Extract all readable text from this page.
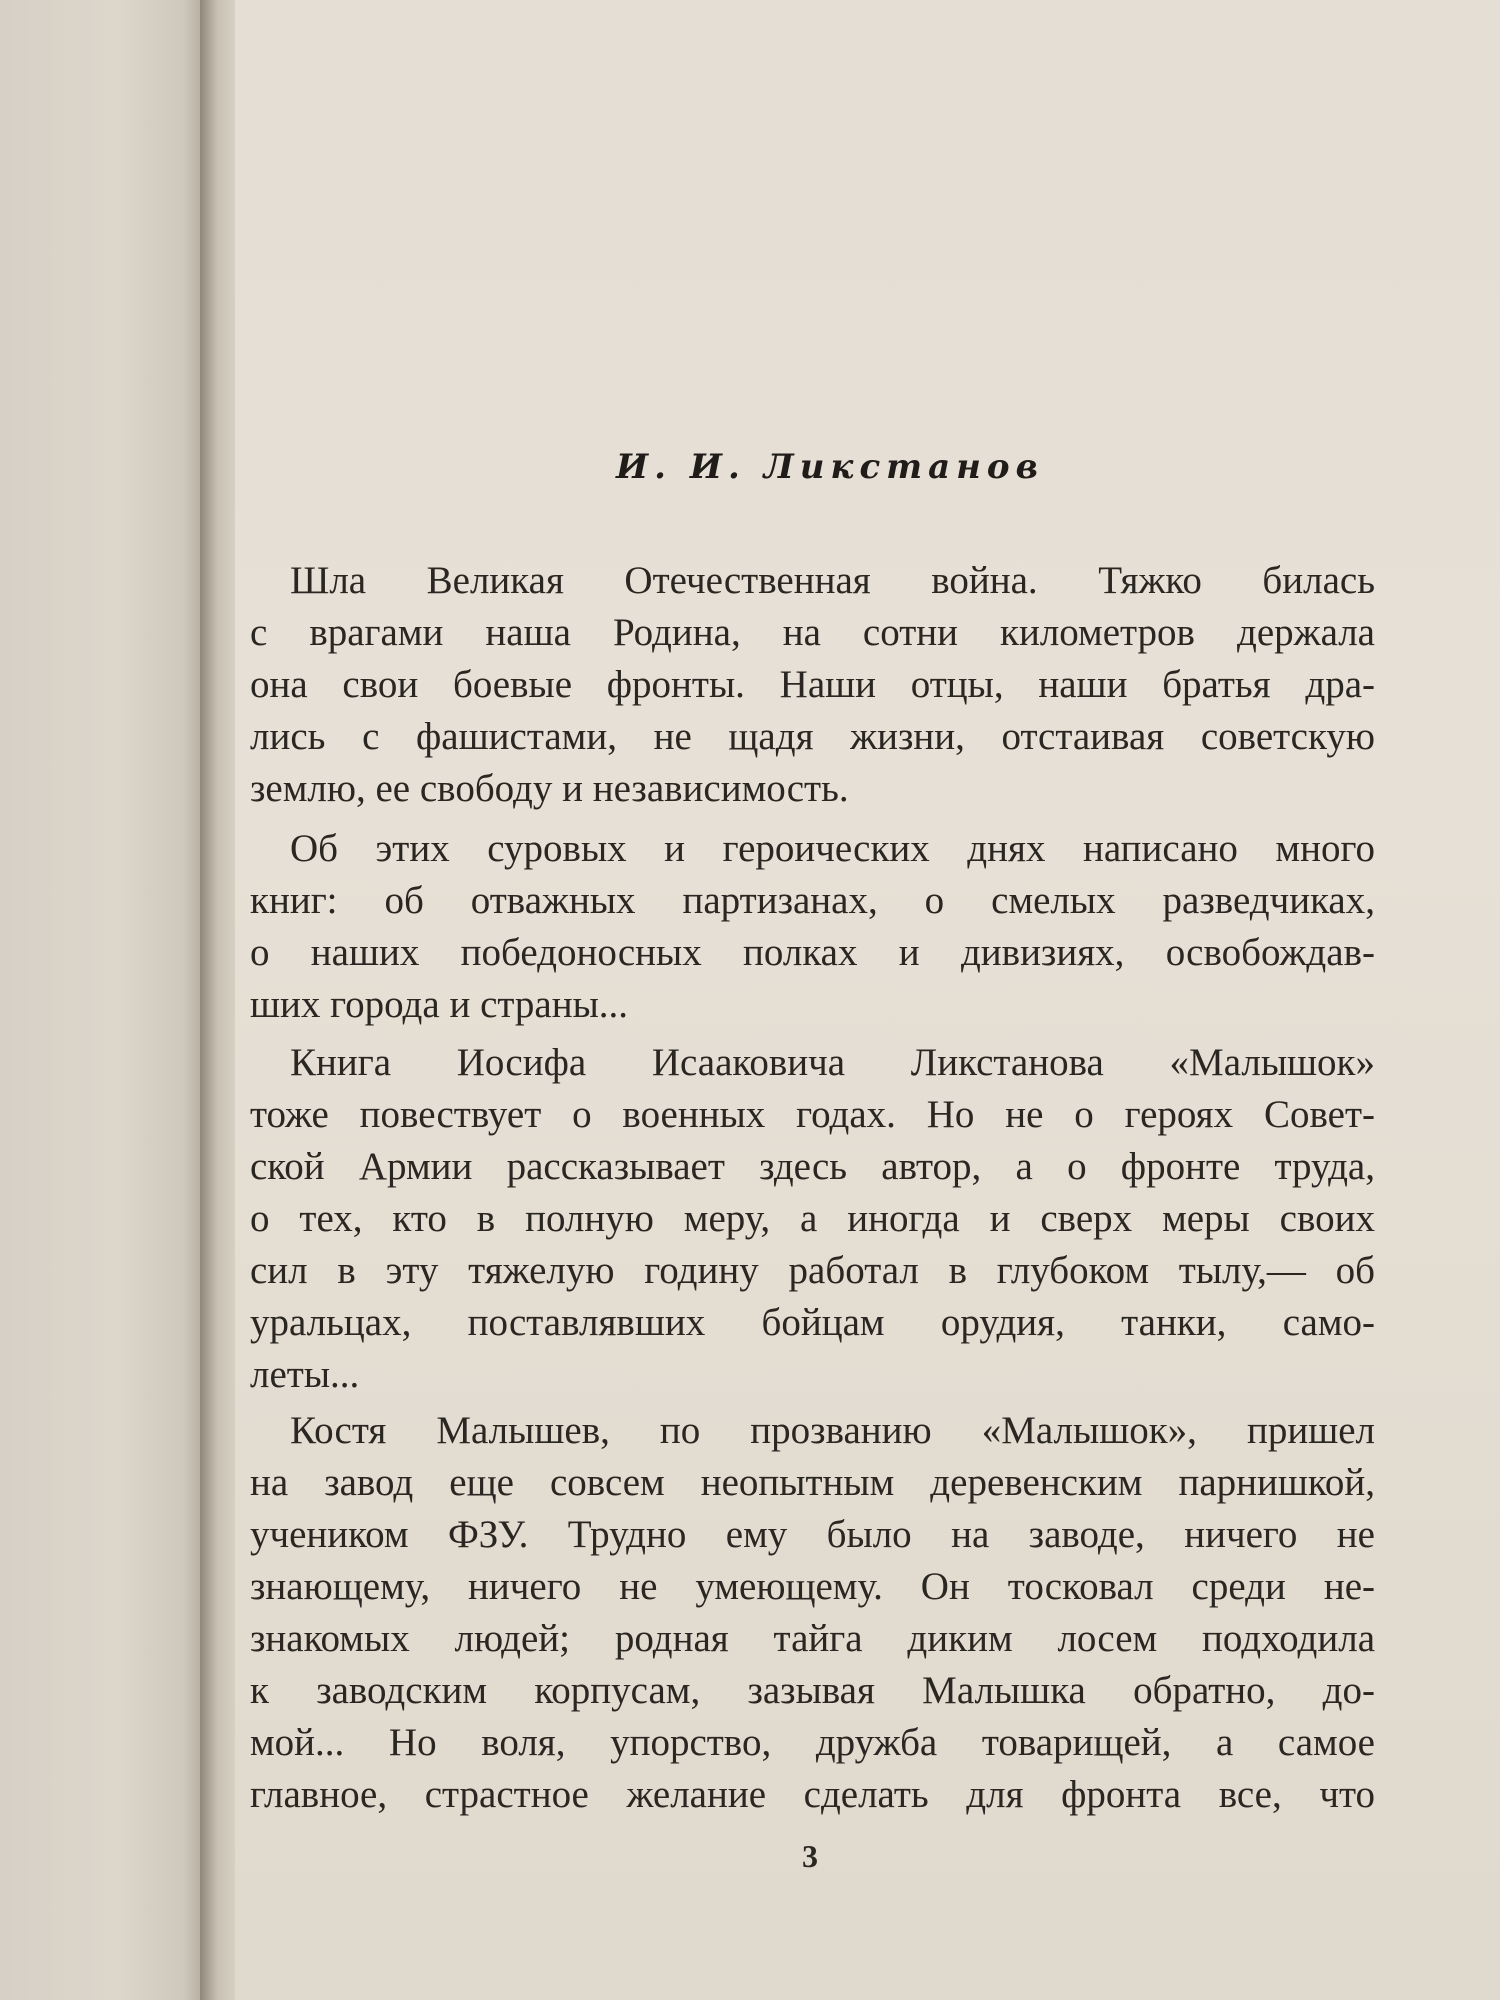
И. И. Ликстанов
Шла Великая Отечественная война. Тяжко билась
с врагами наша Родина, на сотни километров держала
она свои боевые фронты. Наши отцы, наши братья дра-
лись с фашистами, не щадя жизни, отстаивая советскую
землю, ее свободу и независимость.
Об этих суровых и героических днях написано много
книг: об отважных партизанах, о смелых разведчиках,
о наших победоносных полках и дивизиях, освобождав-
ших города и страны...
Книга Иосифа Исааковича Ликстанова «Малышок»
тоже повествует о военных годах. Но не о героях Совет-
ской Армии рассказывает здесь автор, а о фронте труда,
о тех, кто в полную меру, а иногда и сверх меры своих
сил в эту тяжелую годину работал в глубоком тылу,— об
уральцах, поставлявших бойцам орудия, танки, само-
леты...
Костя Малышев, по прозванию «Малышок», пришел
на завод еще совсем неопытным деревенским парнишкой,
учеником ФЗУ. Трудно ему было на заводе, ничего не
знающему, ничего не умеющему. Он тосковал среди не-
знакомых людей; родная тайга диким лосем подходила
к заводским корпусам, зазывая Малышка обратно, до-
мой... Но воля, упорство, дружба товарищей, а самое
главное, страстное желание сделать для фронта все, что
3
